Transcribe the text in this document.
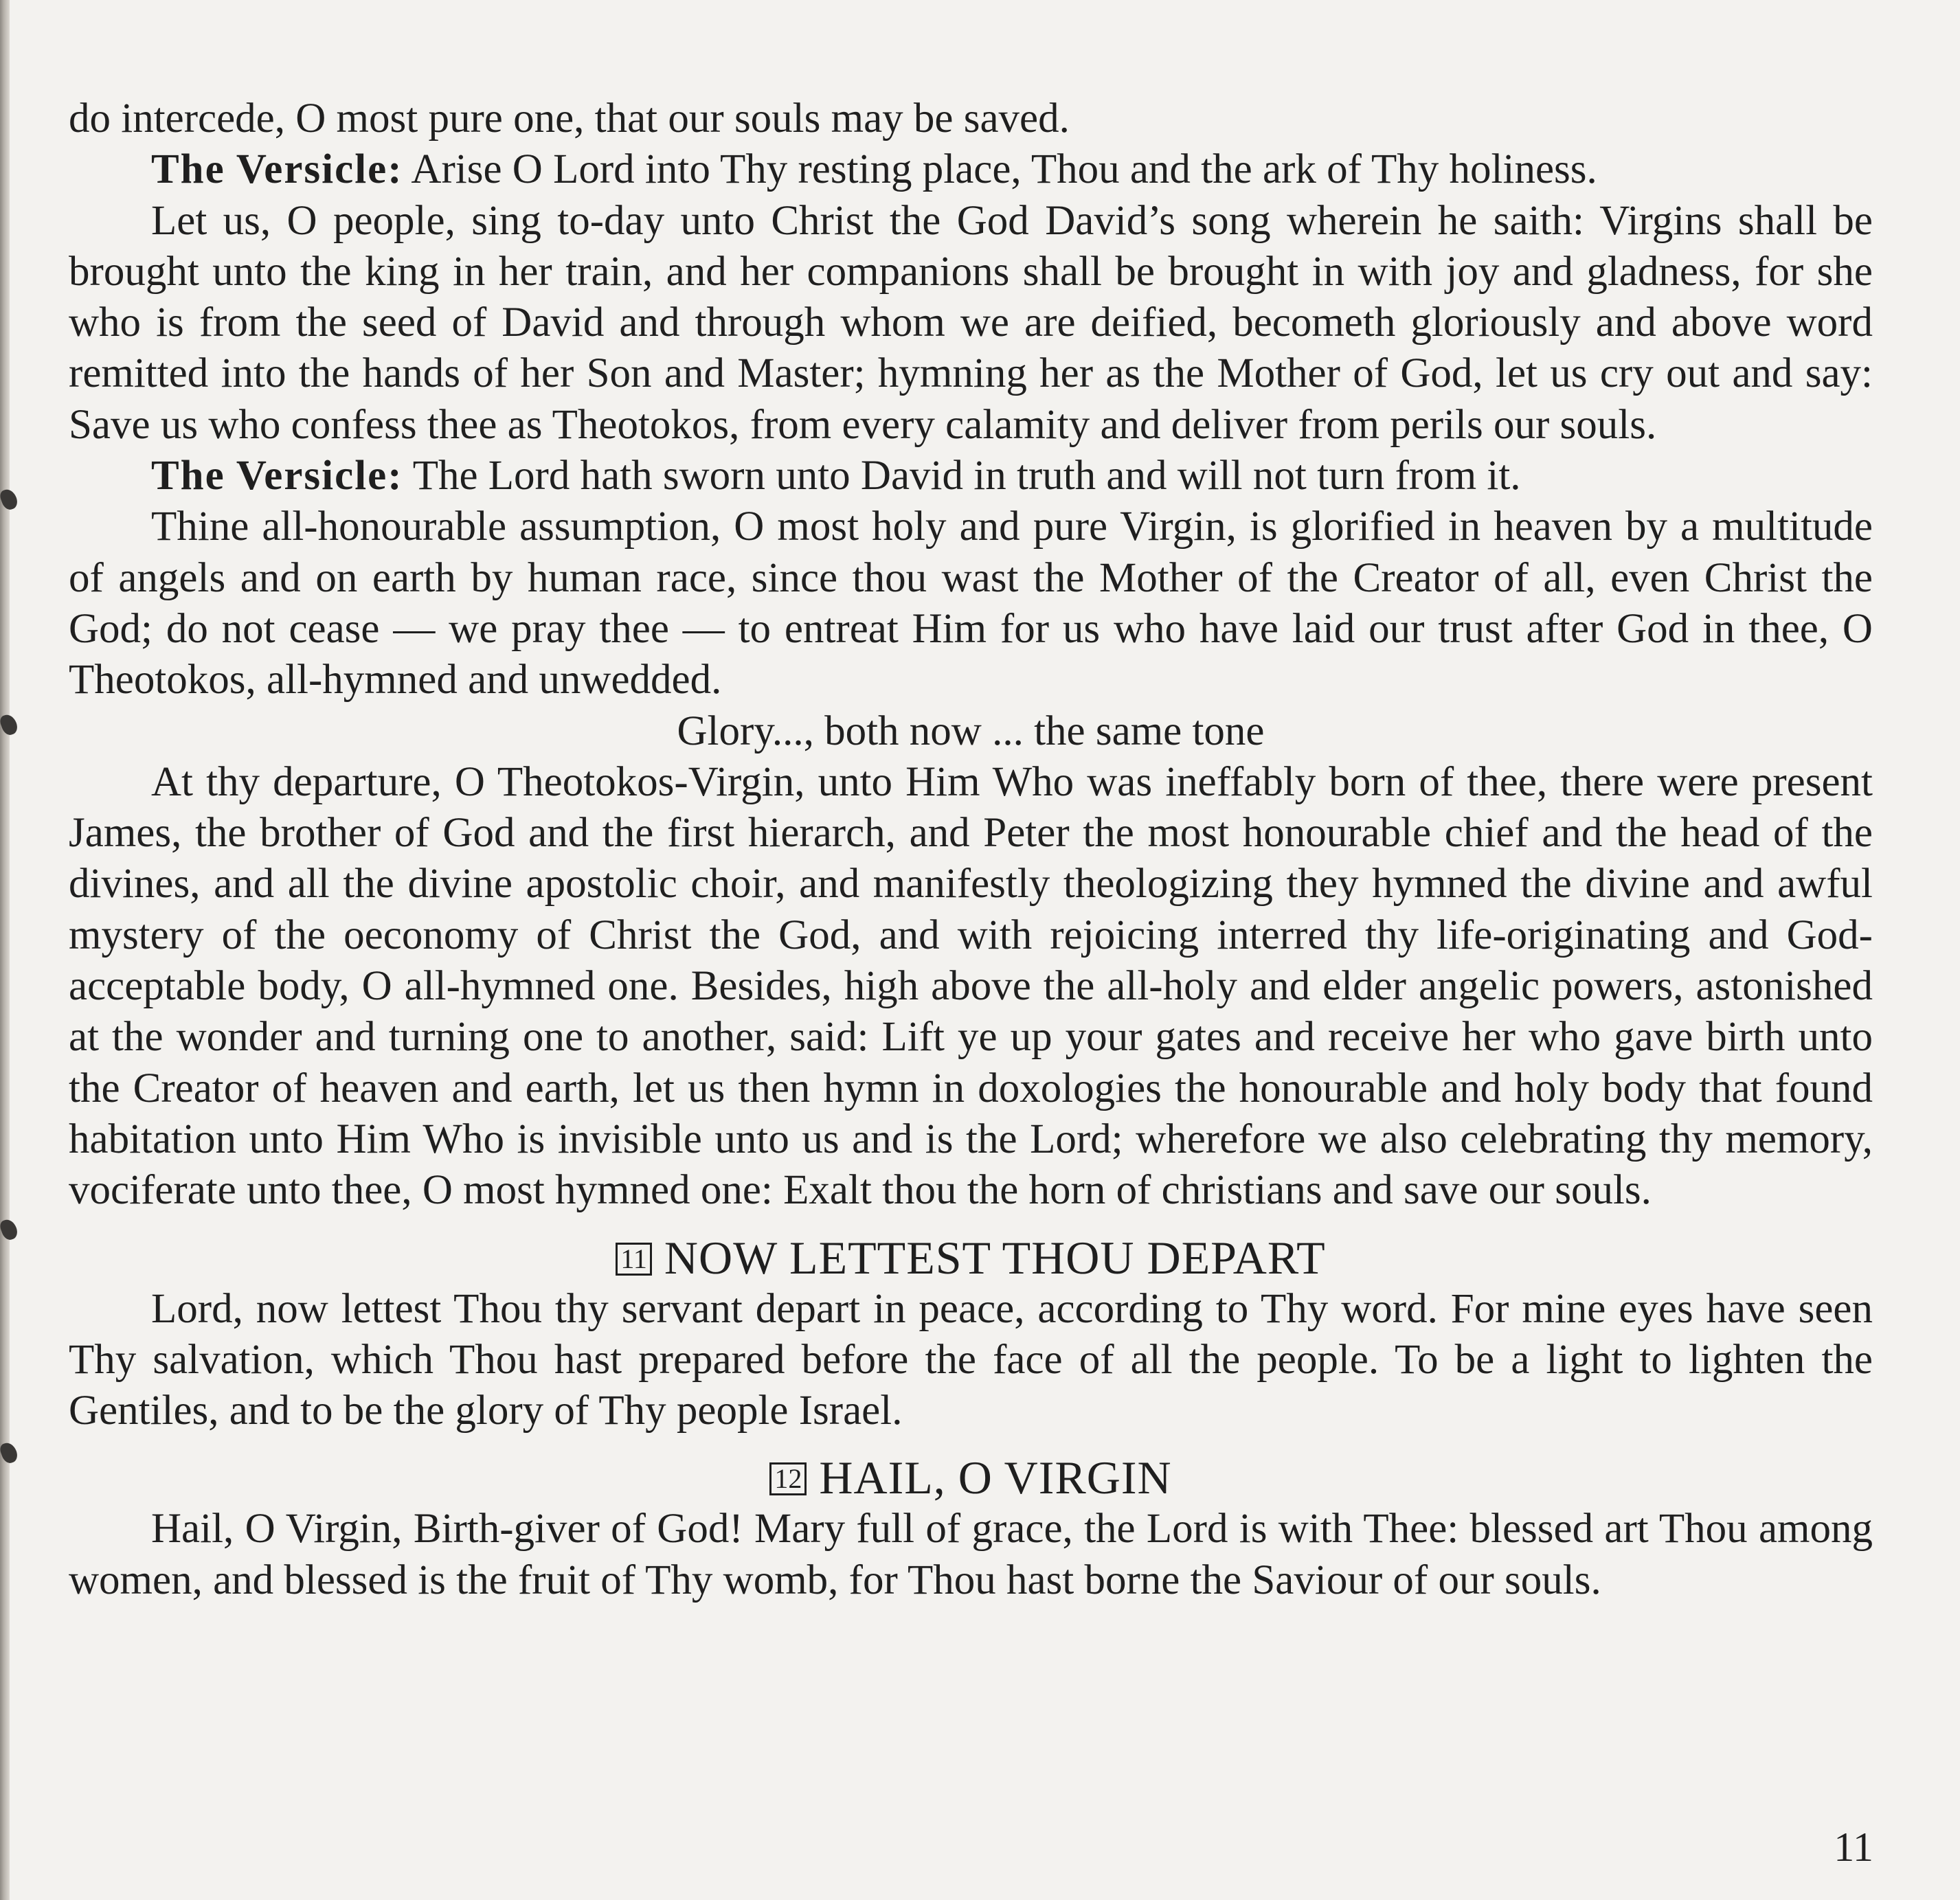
do intercede, O most pure one, that our souls may be saved.

The Versicle: Arise O Lord into Thy resting place, Thou and the ark of Thy holiness.

Let us, O people, sing to-day unto Christ the God David’s song wherein he saith: Virgins shall be brought unto the king in her train, and her companions shall be brought in with joy and gladness, for she who is from the seed of David and through whom we are deified, becometh gloriously and above word remitted into the hands of her Son and Master; hymning her as the Mother of God, let us cry out and say: Save us who confess thee as Theotokos, from every calamity and deliver from perils our souls.

The Versicle: The Lord hath sworn unto David in truth and will not turn from it.

Thine all-honourable assumption, O most holy and pure Virgin, is glorified in heaven by a multitude of angels and on earth by human race, since thou wast the Mother of the Creator of all, even Christ the God; do not cease — we pray thee — to entreat Him for us who have laid our trust after God in thee, O Theotokos, all-hymned and unwedded.

Glory..., both now ... the same tone

At thy departure, O Theotokos-Virgin, unto Him Who was ineffably born of thee, there were present James, the brother of God and the first hierarch, and Peter the most honourable chief and the head of the divines, and all the divine apostolic choir, and manifestly theologizing they hymned the divine and awful mystery of the oeconomy of Christ the God, and with rejoicing interred thy life-originating and God-acceptable body, O all-hymned one. Besides, high above the all-holy and elder angelic powers, astonished at the wonder and turning one to another, said: Lift ye up your gates and receive her who gave birth unto the Creator of heaven and earth, let us then hymn in doxologies the honourable and holy body that found habitation unto Him Who is invisible unto us and is the Lord; wherefore we also celebrating thy memory, vociferate unto thee, O most hymned one: Exalt thou the horn of christians and save our souls.

11 NOW LETTEST THOU DEPART

Lord, now lettest Thou thy servant depart in peace, according to Thy word. For mine eyes have seen Thy salvation, which Thou hast prepared before the face of all the people. To be a light to lighten the Gentiles, and to be the glory of Thy people Israel.

12 HAIL, O VIRGIN

Hail, O Virgin, Birth-giver of God! Mary full of grace, the Lord is with Thee: blessed art Thou among women, and blessed is the fruit of Thy womb, for Thou hast borne the Saviour of our souls.

11
